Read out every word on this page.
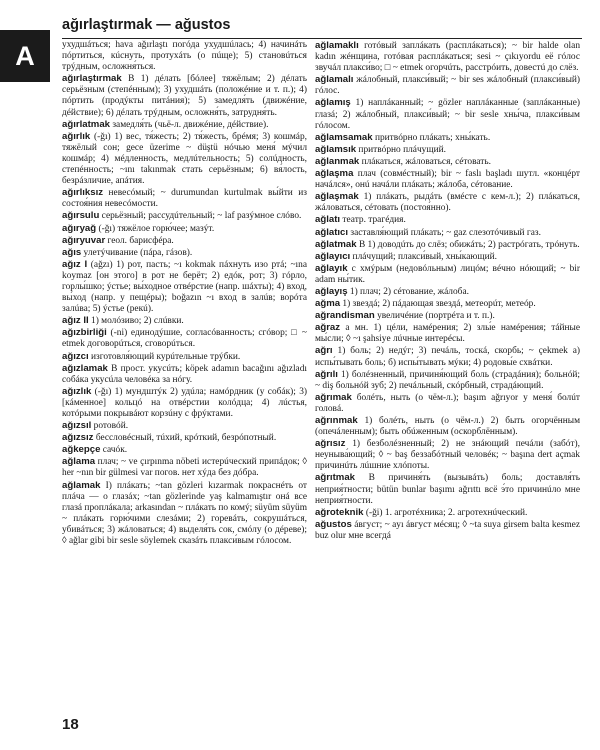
A
ağırlaştırmak — ağustos

ухудшáться; hava ağırlaştı погóда ухудшúлась; 4) начинáть пóртиться, кúснуть, протухáть (о пúще); 5) становúться трýдным, осложня́ться.

ağırlaştırmak В 1) дéлать [бóлее] тяжёлым; 2) дéлать серьёзным (степéнным); 3) ухудшáть (положéние и т. п.); 4) пóртить (продýкты питáния); 5) замедля́ть (движéние, дéйствие); 6) дéлать трýдным, осложня́ть, затрудня́ть.

ağırlatmak замедля́ть (чьё-л. движéние, дéйствие).

ağırlık (-ğı) 1) вес, тя́жесть; 2) тя́жесть, брéмя; 3) кошмáр, тяжёлый сон; gece üzerime ~ düştü нóчью меня́ мýчил кошмáр; 4) мéдленность, медлúтельность; 5) солúдность, степéнность; ~ını takınmak стать серьёзным; 6) вя́лость, безрáзличие, апáтия.

ağırlıksız невесóмый; ~ durumundan kurtulmak вы́йти из состоя́ния невесóмости.

ağırsulu серьёзный; рассудúтельный; ~ laf разýмное слóво.

ağıryağ (-ğı) тяжёлое горю́чее; мазýт.

ağıryuvar геол. барисфéра.

ağıs улетýчивание (пáра, гáзов).

ağız I (ağzı) 1) рот, пасть; ~ı kokmak пáхнуть изо ртá; ~ına koymaz [он этого] в рот не берёт; 2) едóк, рот; 3) гóрло, горлы́шко; ýстье; вы́ходное отвéрстие (напр. шáхты); 4) вход, вы́ход (напр. у пещéры); boğazın ~ı вход в залúв; ворóта залúва; 5) ýстье (рекú).

ağız II 1) молóзиво; 2) слúвки.

ağızbirliği (-ni) единодýшие, согласóванность; сгóвор; □ ~ etmek договорúться, сговорúться.

ağızcı изготовля́ющий курúтельные трýбки.

ağızlamak В прост. укусúть; köpek adamın bacağını ağızladı собáка укусúла человéка за нóгу.

ağızlık (-ğı) 1) мундштýк 2) удúла; намóрдник (у собáк); 3) [кáменное] кольцó на отвéрстии колóдца; 4) лúстья, котóрыми покрывáют корзúну с фрýктами.

ağızsıl ротовóй.

ağızsız бессловéсный, тúхий, крóткий, безрóпотный.

ağkepçe сачóк.

ağlama плач; ~ ve çırpınma nöbeti истерúческий припáдок; ◊ her ~nın bir gülmesi var погов. нет хýда без дóбра.

ağlamak I) плáкать; ~tan gözleri kızarmak покраснéть от плáча — о глазáх; ~tan gözlerinde yaş kalmamıştır онá все глазá проплáкала; arkasından ~ плáкать по комý; süyüm süyüm ~ плáкать горю́чими слезáми; 2) горевáть, сокрушáться, убивáться; 3) жáловаться; 4) выделя́ть сок, смóлу (о дéреве); ◊ ağlar gibi bir sesle söylemek сказáть плакси́вым гóлосом.

ağlamaklı готóвый заплáкать (расплáкаться); ~ bir halde olan kadın жéнщина, готóвая расплáкаться; sesi ~ çıkıyordu её гóлос звучáл плакси́во; □ ~ etmek огорчúть, расстрóить, довестú до слёз.

ağlamalı жáлобный, плакси́вый; ~ bir ses жáлобный (плакси́вый) гóлос.

ağlamış 1) наплáканный; ~ gözler наплáканные (заплáканные) глазá; 2) жáлобный, плакси́вый; ~ bir sesle хны́ча, плакси́вым гóлосом.

ağlamsamak притвóрно плáкать; хны́кать.

ağlamsık притвóрно плáчущий.

ağlanmak плáкаться, жáловаться, сéтовать.

ağlaşma плач (совмéстный); bir ~ faslı başladı шутл. «концéрт начáлся», онú начáли плáкать; жáлоба, сéтование.

ağlaşmak 1) плáкать, рыдáть (вмéсте с кем-л.); 2) плáкаться, жáловаться, сéтовать (постоя́нно).

ağlatı театр. трагéдия.

ağlatıcı заставля́ющий плáкать; ~ gaz слезотóчивый газ.

ağlatmak В 1) доводúть до слёз; обижáть; 2) растрóгать, трóнуть.

ağlayıcı плáчущий; плакси́вый, хны́кающий.

ağlayık с хмýрым (недовóльным) лицóм; вéчно нóющий; ~ bir adam ны́тик.

ağlayış 1) плач; 2) сéтование, жáлоба.

ağma 1) звездá; 2) пáдающая звездá, метеорúт, метеóр.

ağrandisman увеличéние (портрéта и т. п.).

ağraz а мн. 1) цéли, намéрения; 2) злы́е намéрения; тáйные мы́сли; ◊ ~ı şahsiye лúчные интерéсы.

ağrı 1) боль; 2) недýг; 3) печáль, тоскá, скорбь; ~ çekmek а) испы́тывать боль; б) испы́тывать мýки; 4) родовы́е схвáтки.

ağrılı 1) болéзненный, причиня́ющий боль (страдáния); больнóй; ~ diş больнóй зуб; 2) печáльный, скóрбный, страдáющий.

ağrımak болéть, ныть (о чём-л.); başım ağrıyor у меня́ болúт головá.

ağrınmak 1) болéть, ныть (о чём-л.) 2) быть огорчённым (опечáленным); быть обúженным (оскорблённым).

ağrısız 1) безболéзненный; 2) не знáющий печáли (забóт), неуныва́ющий; ◊ ~ baş беззабóтный человéк; ~ başına dert açmak причинúть лúшние хлóпоты.

ağrıtmak В причиня́ть (вызывáть) боль; доставля́ть неприя́тности; bütün bunlar başımı ağrıttı всё э́то причинúло мне неприя́тности.

ağroteknik (-ği) 1. агротéхника; 2. агротехнúческий.

ağustos áвгуст; ~ ayı áвгуст мéсяц; ◊ ~ta suya girsem balta kesmez buz olur мне всегдá

18
